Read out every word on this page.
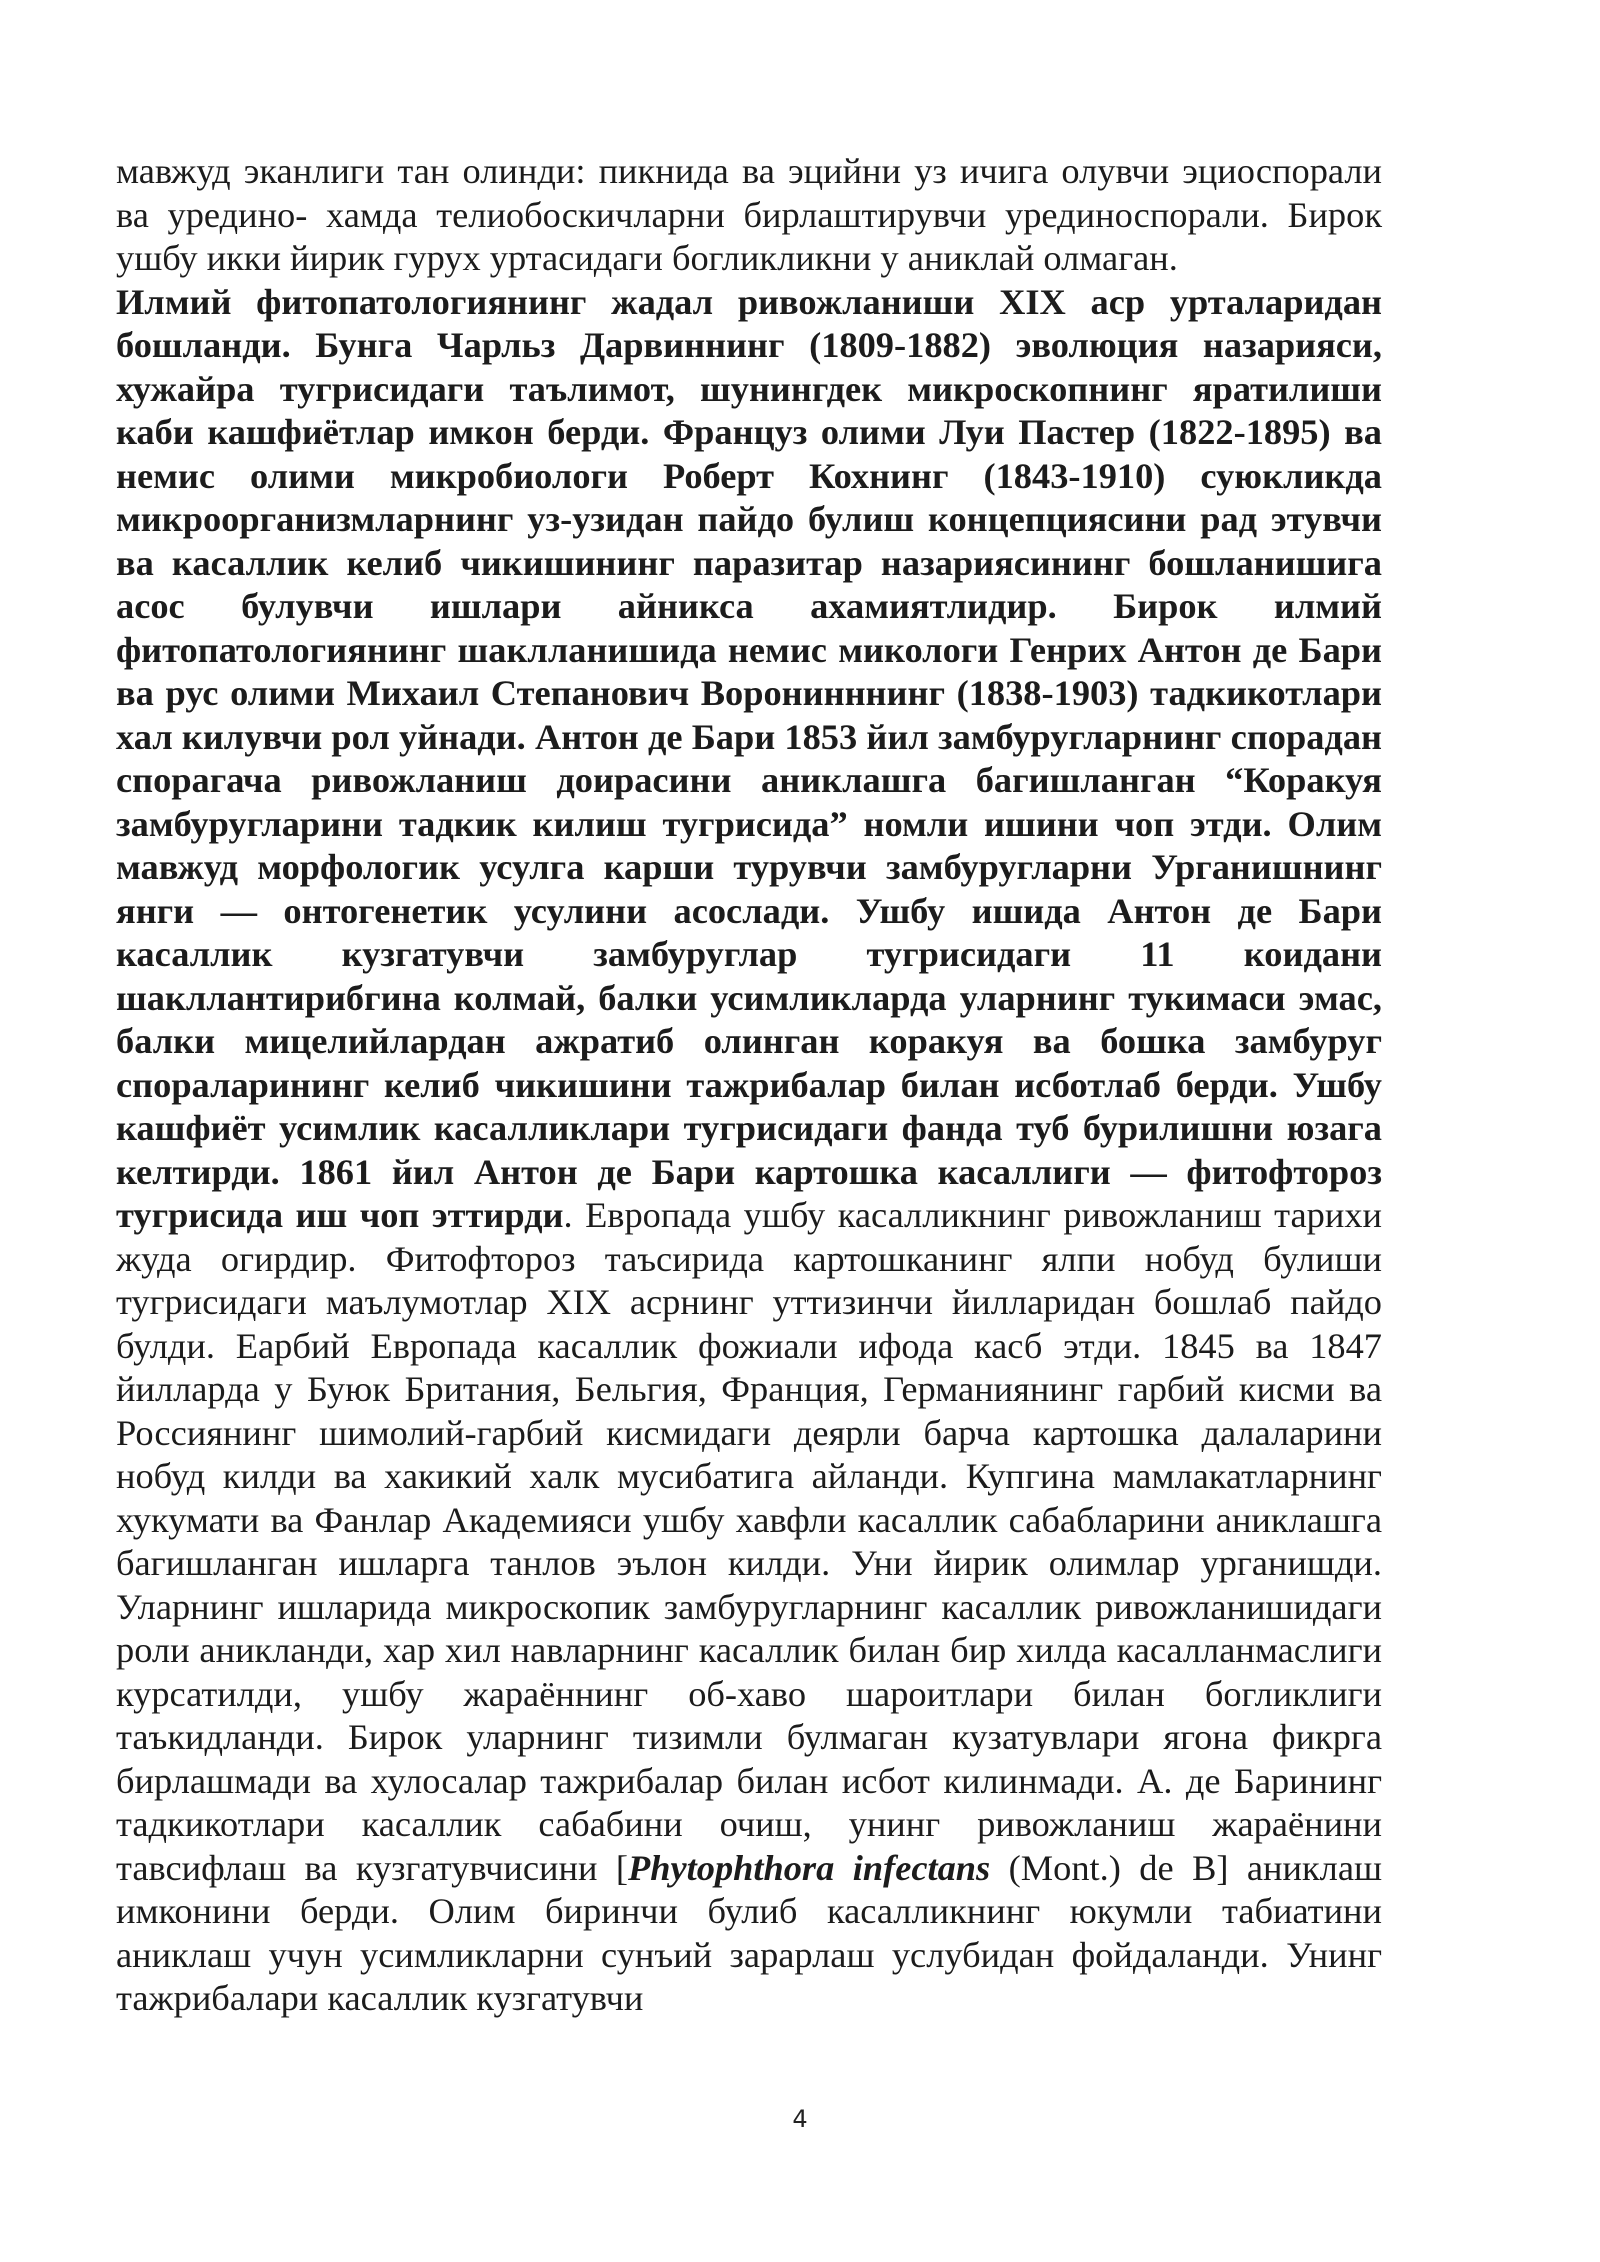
мавжуд эканлиги тан олинди: пикнида ва эцийни уз ичига олувчи эциоспорали ва уредино- хамда телиобоскичларни бирлаштирувчи урединоспорали. Бирок ушбу икки йирик гурух уртасидаги богликликни у аниклай олмаган.

Илмий фитопатологиянинг жадал ривожланиши XIX аср урталаридан бошланди. Бунга Чарльз Дарвиннинг (1809-1882) эволюция назарияси, хужайра тугрисидаги таълимот, шунингдек микроскопнинг яратилиши каби кашфиётлар имкон берди. Француз олими Луи Пастер (1822-1895) ва немис олими микробиологи Роберт Кохнинг (1843-1910) суюкликда микроорганизмларнинг уз-узидан пайдо булиш концепциясини рад этувчи ва касаллик келиб чикишининг паразитар назариясининг бошланишига асос булувчи ишлари айникса ахамиятлидир. Бирок илмий фитопатологиянинг шаклланишида немис микологи Генрих Антон де Бари ва рус олими Михаил Степанович Воронинннинг (1838-1903) тадкикотлари хал килувчи рол уйнади. Антон де Бари 1853 йил замбуругларнинг спорадан спорагача ривожланиш доирасини аниклашга багишланган “Коракуя замбуругларини тадкик килиш тугрисида” номли ишини чоп этди. Олим мавжуд морфологик усулга карши турувчи замбуругларни Урганишнинг янги — онтогенетик усулини асослади. Ушбу ишида Антон де Бари касаллик кузгатувчи замбуруглар тугрисидаги 11 коидани шакллантирибгина колмай, балки усимликларда уларнинг тукимаси эмас, балки мицелийлардан ажратиб олинган коракуя ва бошка замбуруг спораларининг келиб чикишини тажрибалар билан исботлаб берди. Ушбу кашфиёт усимлик касалликлари тугрисидаги фанда туб бурилишни юзага келтирди. 1861 йил Антон де Бари картошка касаллиги — фитофтороз тугрисида иш чоп эттирди. Европада ушбу касалликнинг ривожланиш тарихи жуда огирдир. Фитофтороз таъсирида картошканинг ялпи нобуд булиши тугрисидаги маълумотлар XIX асрнинг уттизинчи йилларидан бошлаб пайдо булди. Еарбий Европада касаллик фожиали ифода касб этди. 1845 ва 1847 йилларда у Буюк Британия, Бельгия, Франция, Германиянинг гарбий кисми ва Россиянинг шимолий-гарбий кисмидаги деярли барча картошка далаларини нобуд килди ва хакикий халк мусибатига айланди. Купгина мамлакатларнинг хукумати ва Фанлар Академияси ушбу хавфли касаллик сабабларини аниклашга багишланган ишларга танлов эълон килди. Уни йирик олимлар урганишди. Уларнинг ишларида микроскопик замбуругларнинг касаллик ривожланишидаги роли аникланди, хар хил навларнинг касаллик билан бир хилда касалланмаслиги курсатилди, ушбу жараённинг об-хаво шароитлари билан богликлиги таъкидланди. Бирок уларнинг тизимли булмаган кузатувлари ягона фикрга бирлашмади ва хулосалар тажрибалар билан исбот килинмади. А. де Барининг тадкикотлари касаллик сабабини очиш, унинг ривожланиш жараёнини тавсифлаш ва кузгатувчисини [Phytophthora infectans (Mont.) de B] аниклаш имконини берди. Олим биринчи булиб касалликнинг юкумли табиатини аниклаш учун усимликларни сунъий зарарлаш услубидан фойдаланди. Унинг тажрибалари касаллик кузгатувчи

4
